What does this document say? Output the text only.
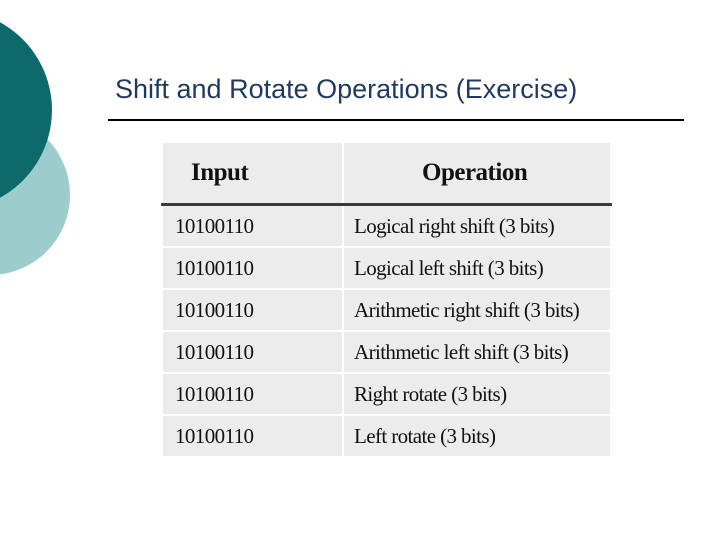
Shift and Rotate Operations (Exercise)
Input	Operation
10100110	Logical right shift (3 bits)
10100110	Logical left shift (3 bits)
10100110	Arithmetic right shift (3 bits)
10100110	Arithmetic left shift (3 bits)
10100110	Right rotate (3 bits)
10100110	Left rotate (3 bits)
